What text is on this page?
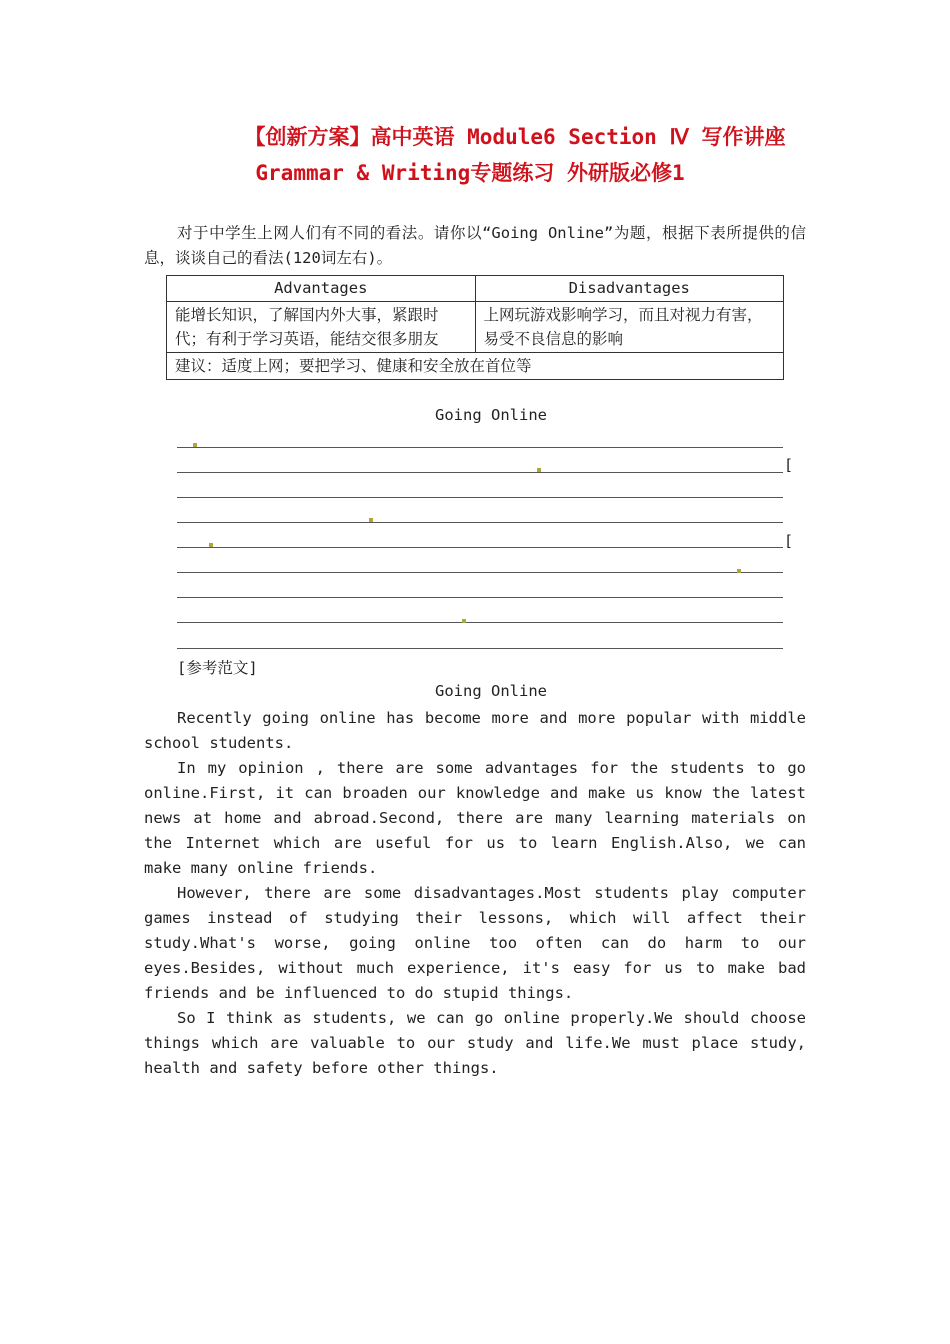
【创新方案】高中英语 Module6 Section Ⅳ 写作讲座
Grammar & Writing专题练习 外研版必修1
对于中学生上网人们有不同的看法。请你以“Going Online”为题，根据下表所提供的信息，谈谈自己的看法(120词左右)。
Advantages	Disadvantages
能增长知识，了解国内外大事，紧跟时代；有利于学习英语，能结交很多朋友	上网玩游戏影响学习，而且对视力有害，易受不良信息的影响
建议：适度上网；要把学习、健康和安全放在首位等	
Going Online
[
[
[参考范文]
Going Online

Recently going online has become more and more popular with middle school students.

In my opinion , there are some advantages for the students to go online.First, it can broaden our knowledge and make us know the latest news at home and abroad.Second, there are many learning materials on the Internet which are useful for us to learn English.Also, we can make many online friends.

However, there are some disadvantages.Most students play computer games instead of studying their lessons, which will affect their study.What's worse, going online too often can do harm to our eyes.Besides, without much experience, it's easy for us to make bad friends and be influenced to do stupid things.

So I think as students, we can go online properly.We should choose things which are valuable to our study and life.We must place study, health and safety before other things.
